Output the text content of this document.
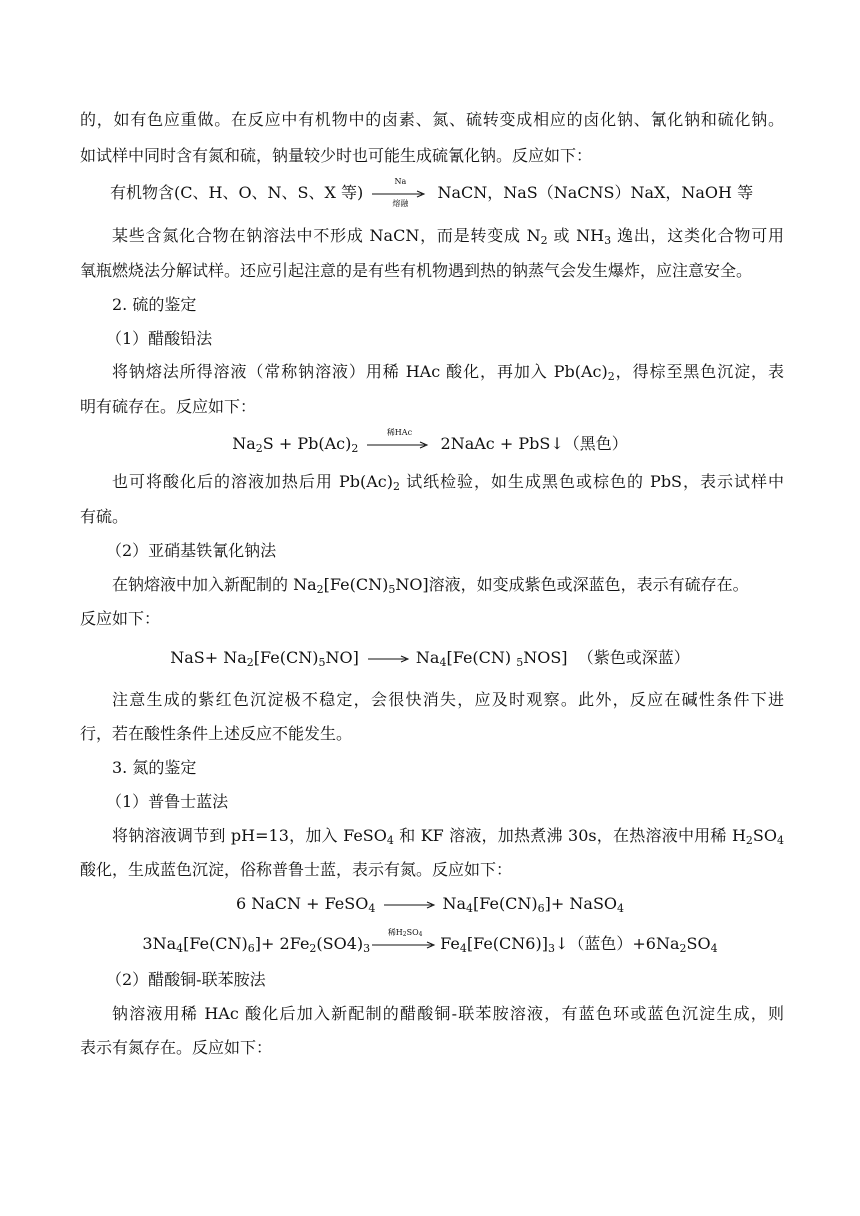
的，如有色应重做。在反应中有机物中的卤素、氮、硫转变成相应的卤化钠、氰化钠和硫化钠。
如试样中同时含有氮和硫，钠量较少时也可能生成硫氰化钠。反应如下：
有机物含(C、H、O、N、S、X 等)
Na
熔融
NaCN，NaS（NaCNS）NaX，NaOH 等
某些含氮化合物在钠溶法中不形成 NaCN，而是转变成 $N_2$ 或 $NH_3$ 逸出，这类化合物可用
氧瓶燃烧法分解试样。还应引起注意的是有些有机物遇到热的钠蒸气会发生爆炸，应注意安全。
2. 硫的鉴定
（1）醋酸铅法
将钠熔法所得溶液（常称钠溶液）用稀 HAc 酸化，再加入 $Pb(Ac)_2$，得棕至黑色沉淀，表
明有硫存在。反应如下：
$Na_2S + Pb(Ac)_2$
稀HAc
2NaAc + PbS↓（黑色）
也可将酸化后的溶液加热后用 $Pb(Ac)_2$ 试纸检验，如生成黑色或棕色的 PbS，表示试样中
有硫。
（2）亚硝基铁氰化钠法
在钠熔液中加入新配制的 $Na_2[Fe(CN)_5NO]$溶液，如变成紫色或深蓝色，表示有硫存在。
反应如下：
$NaS+ Na_2[Fe(CN)_5NO] \to Na_4[Fe(CN)$ $_5$NOS] （紫色或深蓝）
注意生成的紫红色沉淀极不稳定，会很快消失，应及时观察。此外，反应在碱性条件下进
行，若在酸性条件上述反应不能发生。
3. 氮的鉴定
（1）普鲁士蓝法
将钠溶液调节到 pH=13，加入 FeSO$_4$ 和 KF 溶液，加热煮沸 30s，在热溶液中用稀 $H_2SO_4$
酸化，生成蓝色沉淀，俗称普鲁士蓝，表示有氮。反应如下：
6 NaCN + FeSO$_4$ → $Na_4[Fe(CN)_6]+$ NaSO$_4$
$3Na_4[Fe(CN)_6]+ 2Fe_2(SO4)_3$
稀$H_2SO_4$	$Fe_4[Fe(CN6)]_3↓$（蓝色）$+6Na_2SO_4$
（2）醋酸铜-联苯胺法
钠溶液用稀 HAc 酸化后加入新配制的醋酸铜-联苯胺溶液，有蓝色环或蓝色沉淀生成，则
表示有氮存在。反应如下：
